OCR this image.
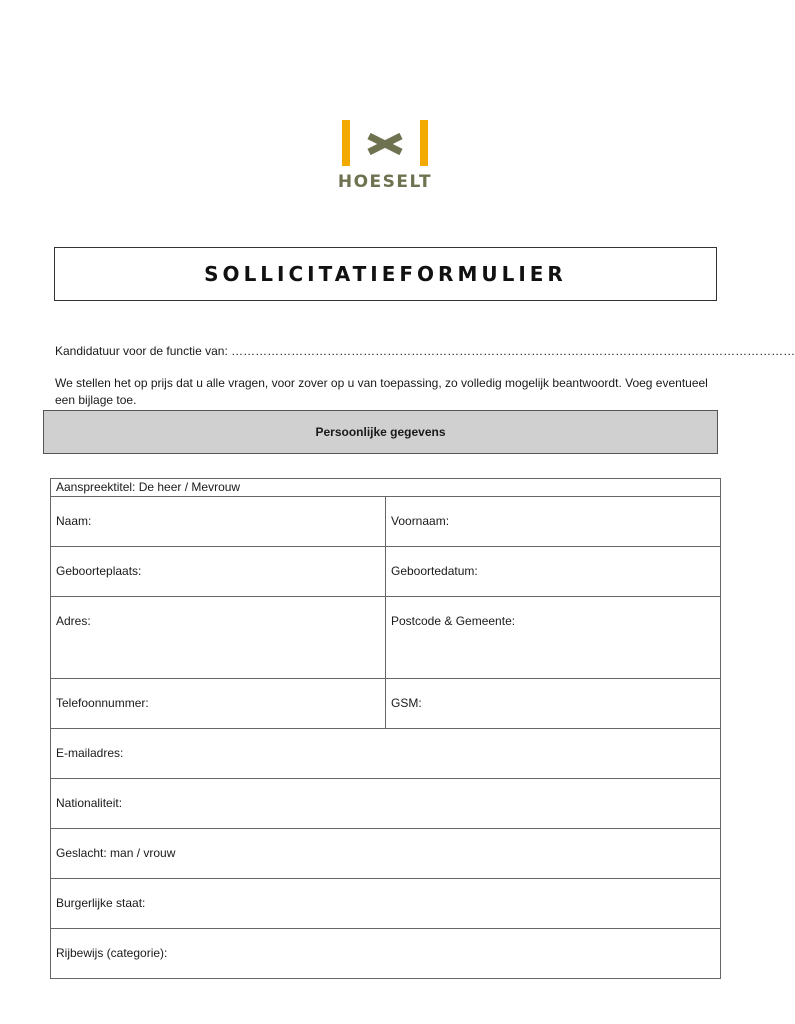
HOESELT
SOLLICITATIEFORMULIER
Kandidatuur voor de functie van: ……………………………………………………………………………………………………………………………
We stellen het op prijs dat u alle vragen, voor zover op u van toepassing, zo volledig mogelijk beantwoordt. Voeg eventueel een bijlage toe.
Persoonlijke gegevens
Aanspreektitel: De heer / Mevrouw	
Naam:	Voornaam:
Geboorteplaats:	Geboortedatum:
Adres:	Postcode & Gemeente:
Telefoonnummer:	GSM:
E-mailadres:	
Nationaliteit:	
Geslacht: man / vrouw	
Burgerlijke staat:	
Rijbewijs (categorie):	
